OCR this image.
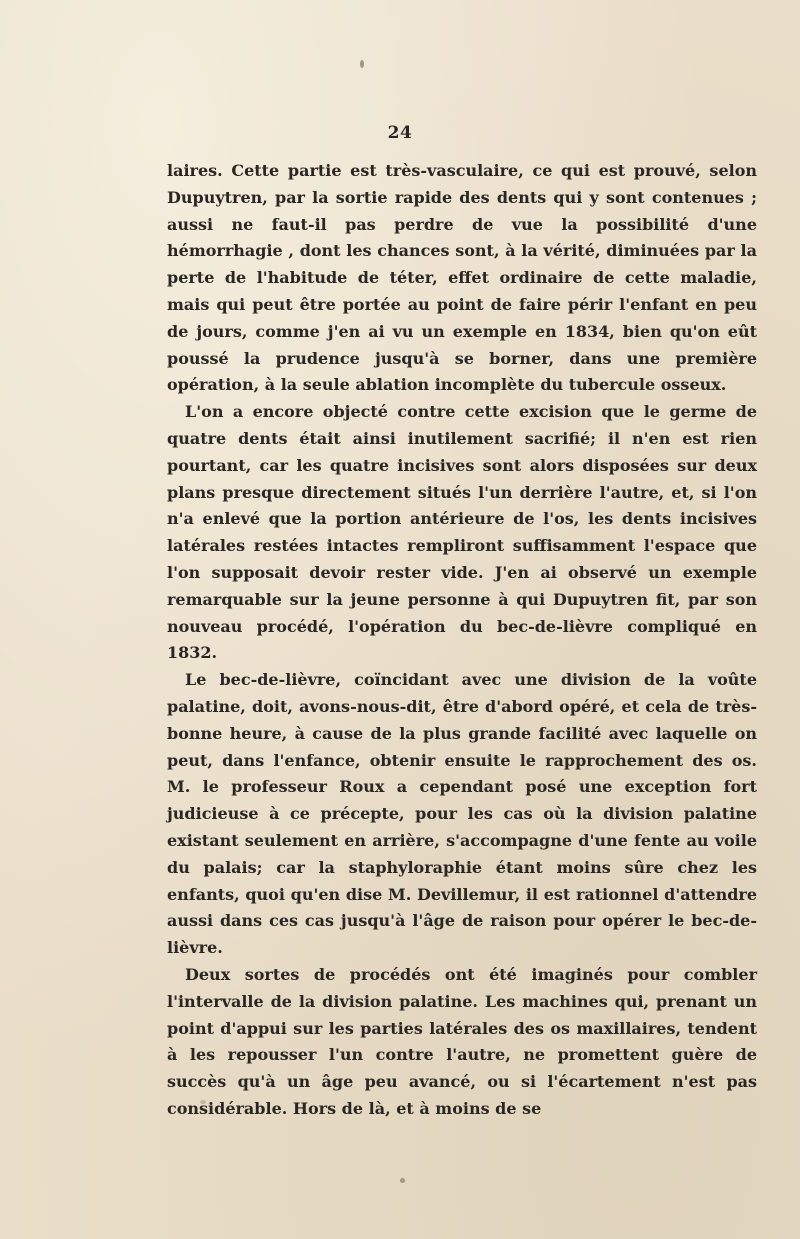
24

laires. Cette partie est très-vasculaire, ce qui est prouvé, selon Dupuytren, par la sortie rapide des dents qui y sont contenues ; aussi ne faut-il pas perdre de vue la possibilité d'une hémorrhagie , dont les chances sont, à la vérité, diminuées par la perte de l'habitude de téter, effet ordinaire de cette maladie, mais qui peut être portée au point de faire périr l'enfant en peu de jours, comme j'en ai vu un exemple en 1834, bien qu'on eût poussé la prudence jusqu'à se borner, dans une première opération, à la seule ablation incomplète du tubercule osseux.

L'on a encore objecté contre cette excision que le germe de quatre dents était ainsi inutilement sacrifié; il n'en est rien pourtant, car les quatre incisives sont alors disposées sur deux plans presque directement situés l'un derrière l'autre, et, si l'on n'a enlevé que la portion antérieure de l'os, les dents incisives latérales restées intactes rempliront suffisamment l'espace que l'on supposait devoir rester vide. J'en ai observé un exemple remarquable sur la jeune personne à qui Dupuytren fit, par son nouveau procédé, l'opération du bec-de-lièvre compliqué en 1832.

Le bec-de-lièvre, coïncidant avec une division de la voûte palatine, doit, avons-nous-dit, être d'abord opéré, et cela de très-bonne heure, à cause de la plus grande facilité avec laquelle on peut, dans l'enfance, obtenir ensuite le rapprochement des os. M. le professeur Roux a cependant posé une exception fort judicieuse à ce précepte, pour les cas où la division palatine existant seulement en arrière, s'accompagne d'une fente au voile du palais; car la staphyloraphie étant moins sûre chez les enfants, quoi qu'en dise M. Devillemur, il est rationnel d'attendre aussi dans ces cas jusqu'à l'âge de raison pour opérer le bec-de-lièvre.

Deux sortes de procédés ont été imaginés pour combler l'intervalle de la division palatine. Les machines qui, prenant un point d'appui sur les parties latérales des os maxillaires, tendent à les repousser l'un contre l'autre, ne promettent guère de succès qu'à un âge peu avancé, ou si l'écartement n'est pas considérable. Hors de là, et à moins de se
